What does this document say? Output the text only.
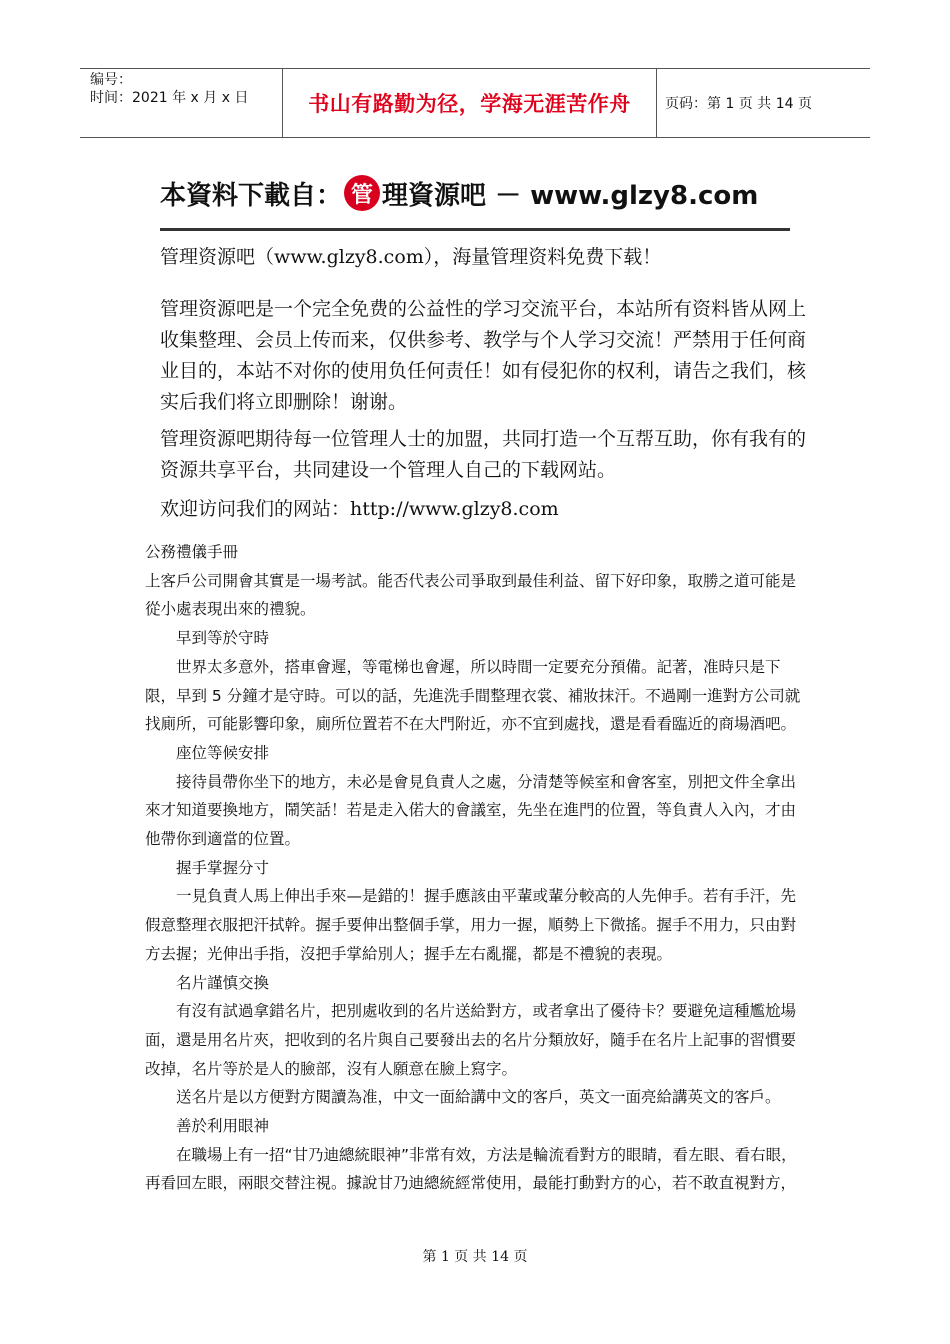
编号：
时间：2021 年 x 月 x 日	书山有路勤为径，学海无涯苦作舟 页码：第 1 页 共 14 页
本資料下載自： 管 理資源吧 － www.glzy8.com
管理资源吧（www.glzy8.com），海量管理资料免费下载！
管理资源吧是一个完全免费的公益性的学习交流平台，本站所有资料皆从网上收集整理、会员上传而来，仅供参考、教学与个人学习交流！严禁用于任何商业目的，本站不对你的使用负任何责任！如有侵犯你的权利，请告之我们，核实后我们将立即删除！谢谢。
管理资源吧期待每一位管理人士的加盟，共同打造一个互帮互助，你有我有的资源共享平台，共同建设一个管理人自己的下载网站。
欢迎访问我们的网站：http://www.glzy8.com

公務禮儀手冊

上客戶公司開會其實是一場考試。能否代表公司爭取到最佳利益、留下好印象，取勝之道可能是從小處表現出來的禮貌。

早到等於守時

世界太多意外，搭車會遲，等電梯也會遲，所以時間一定要充分預備。記著，准時只是下限，早到 5 分鐘才是守時。可以的話，先進洗手間整理衣裳、補妝抹汗。不過剛一進對方公司就找廁所，可能影響印象，廁所位置若不在大門附近，亦不宜到處找，還是看看臨近的商場酒吧。

座位等候安排

接待員帶你坐下的地方，未必是會見負責人之處，分清楚等候室和會客室，別把文件全拿出來才知道要換地方，鬧笑話！若是走入偌大的會議室，先坐在進門的位置，等負責人入內，才由他帶你到適當的位置。

握手掌握分寸

一見負責人馬上伸出手來—是錯的！握手應該由平輩或輩分較高的人先伸手。若有手汗，先假意整理衣服把汗拭幹。握手要伸出整個手掌，用力一握，順勢上下微搖。握手不用力，只由對方去握；光伸出手指，沒把手掌給別人；握手左右亂擺，都是不禮貌的表現。

名片謹慎交換

有沒有試過拿錯名片，把別處收到的名片送給對方，或者拿出了優待卡？要避免這種尷尬場面，還是用名片夾，把收到的名片與自己要發出去的名片分類放好，隨手在名片上記事的習慣要改掉，名片等於是人的臉部，沒有人願意在臉上寫字。

送名片是以方便對方閱讀為准，中文一面給講中文的客戶，英文一面亮給講英文的客戶。

善於利用眼神

在職場上有一招“甘乃迪總統眼神”非常有效，方法是輪流看對方的眼睛，看左眼、看右眼，再看回左眼，兩眼交替注視。據說甘乃迪總統經常使用，最能打動對方的心，若不敢直視對方，

第 1 页 共 14 页
